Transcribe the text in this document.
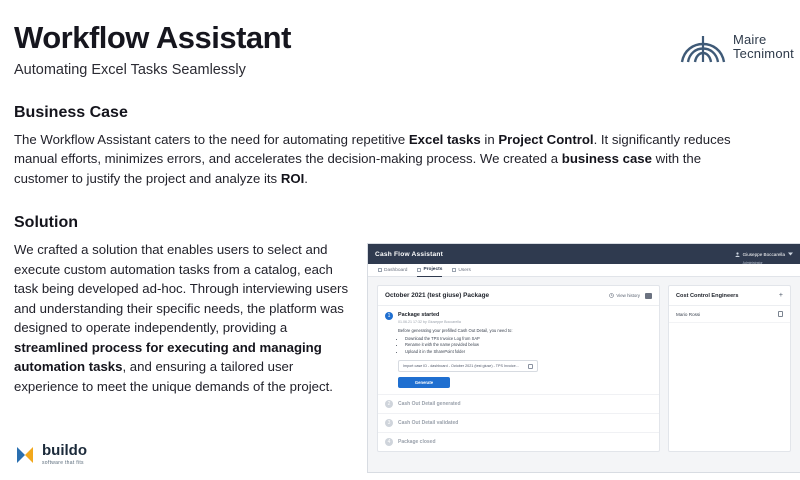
Workflow Assistant
Automating Excel Tasks Seamlessly
Maire
Tecnimont
Business Case
The Workflow Assistant caters to the need for automating repetitive Excel tasks in Project Control. It significantly reduces manual efforts, minimizes errors, and accelerates the decision-making process. We created a business case with the customer to justify the project and analyze its ROI.
Solution
We crafted a solution that enables users to select and execute custom automation tasks from a catalog, each task being developed ad-hoc. Through interviewing users and understanding their specific needs, the platform was designed to operate independently, providing a streamlined process for executing and managing automation tasks, and ensuring a tailored user experience to meet the unique demands of the project.
buildo
software that fits
Cash Flow Assistant	Giuseppe Boccarella
Administrator
Dashboard	Projects	Users
October 2021 (test giuse) Package	View history
1	Package started
01.06.21 17:32 by Giuseppe Boccarella
Before generating your prefilled Cash Out Detail, you need to:
• Download the TPS Invoice Log from SAP
• Rename it with the name provided below
• Upload it in the SharePoint folder
Import case ID - dashboard - October 2021 (test giuse) - TPS Invoice...
Generate
2	Cash Out Detail generated
3	Cash Out Detail validated
4	Package closed
Cost Control Engineers	+
Mario Rossi
